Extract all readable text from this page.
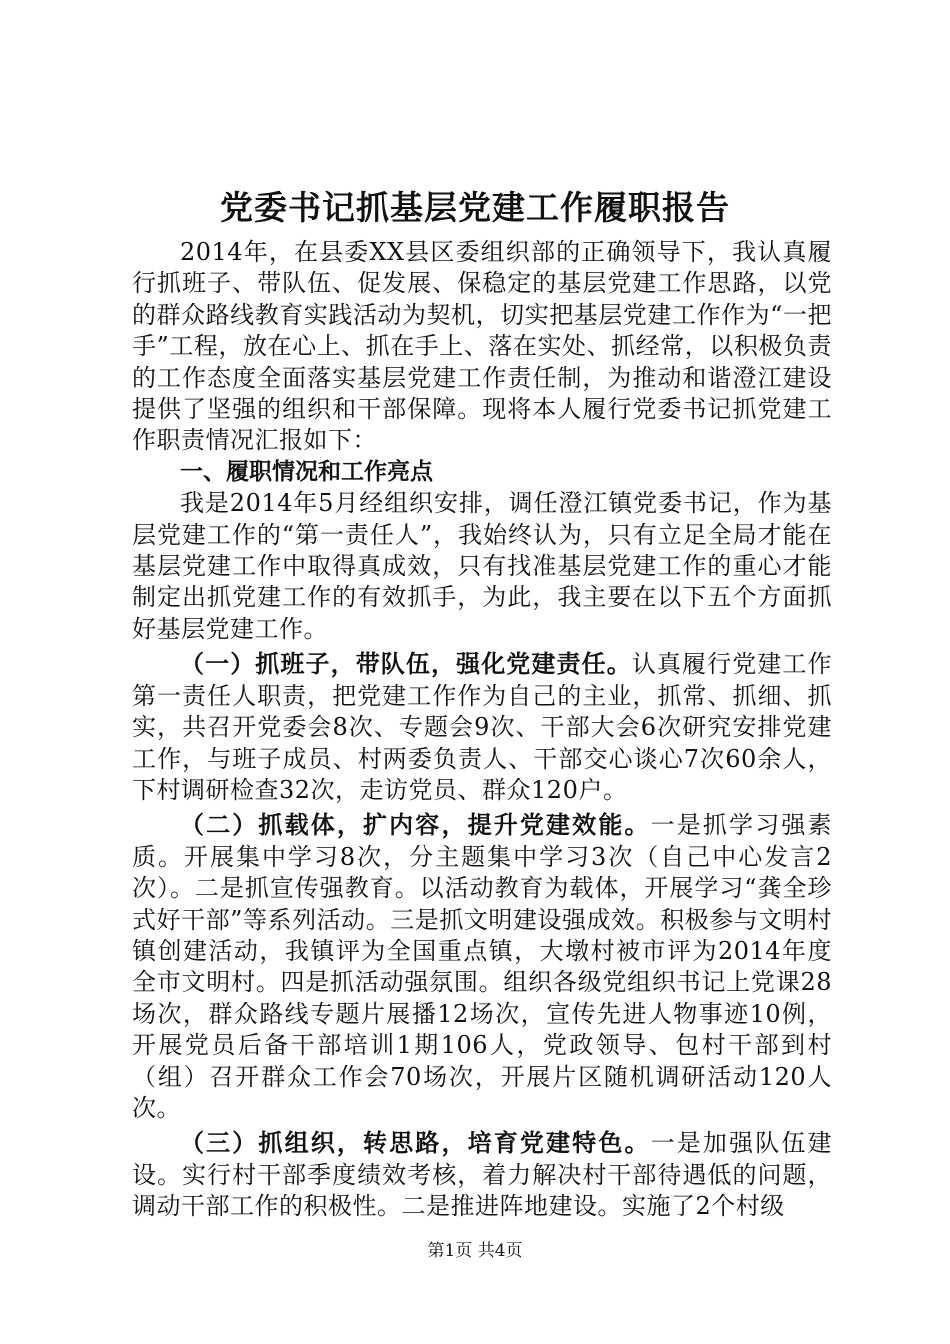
党委书记抓基层党建工作履职报告

2014年，在县委XX县区委组织部的正确领导下，我认真履行抓班子、带队伍、促发展、保稳定的基层党建工作思路，以党的群众路线教育实践活动为契机，切实把基层党建工作作为“一把手”工程，放在心上、抓在手上、落在实处、抓经常，以积极负责的工作态度全面落实基层党建工作责任制，为推动和谐澄江建设提供了坚强的组织和干部保障。现将本人履行党委书记抓党建工作职责情况汇报如下：

一、履职情况和工作亮点

我是2014年5月经组织安排，调任澄江镇党委书记，作为基层党建工作的“第一责任人”，我始终认为，只有立足全局才能在基层党建工作中取得真成效，只有找准基层党建工作的重心才能制定出抓党建工作的有效抓手，为此，我主要在以下五个方面抓好基层党建工作。

（一）抓班子，带队伍，强化党建责任。认真履行党建工作第一责任人职责，把党建工作作为自己的主业，抓常、抓细、抓实，共召开党委会8次、专题会9次、干部大会6次研究安排党建工作，与班子成员、村两委负责人、干部交心谈心7次60余人，下村调研检查32次，走访党员、群众120户。

（二）抓载体，扩内容，提升党建效能。一是抓学习强素质。开展集中学习8次，分主题集中学习3次（自己中心发言2次）。二是抓宣传强教育。以活动教育为载体，开展学习“龚全珍式好干部”等系列活动。三是抓文明建设强成效。积极参与文明村镇创建活动，我镇评为全国重点镇，大墩村被市评为2014年度全市文明村。四是抓活动强氛围。组织各级党组织书记上党课28场次，群众路线专题片展播12场次，宣传先进人物事迹10例，开展党员后备干部培训1期106人，党政领导、包村干部到村（组）召开群众工作会70场次，开展片区随机调研活动120人次。

（三）抓组织，转思路，培育党建特色。一是加强队伍建设。实行村干部季度绩效考核，着力解决村干部待遇低的问题，调动干部工作的积极性。二是推进阵地建设。实施了2个村级

第1页 共4页
